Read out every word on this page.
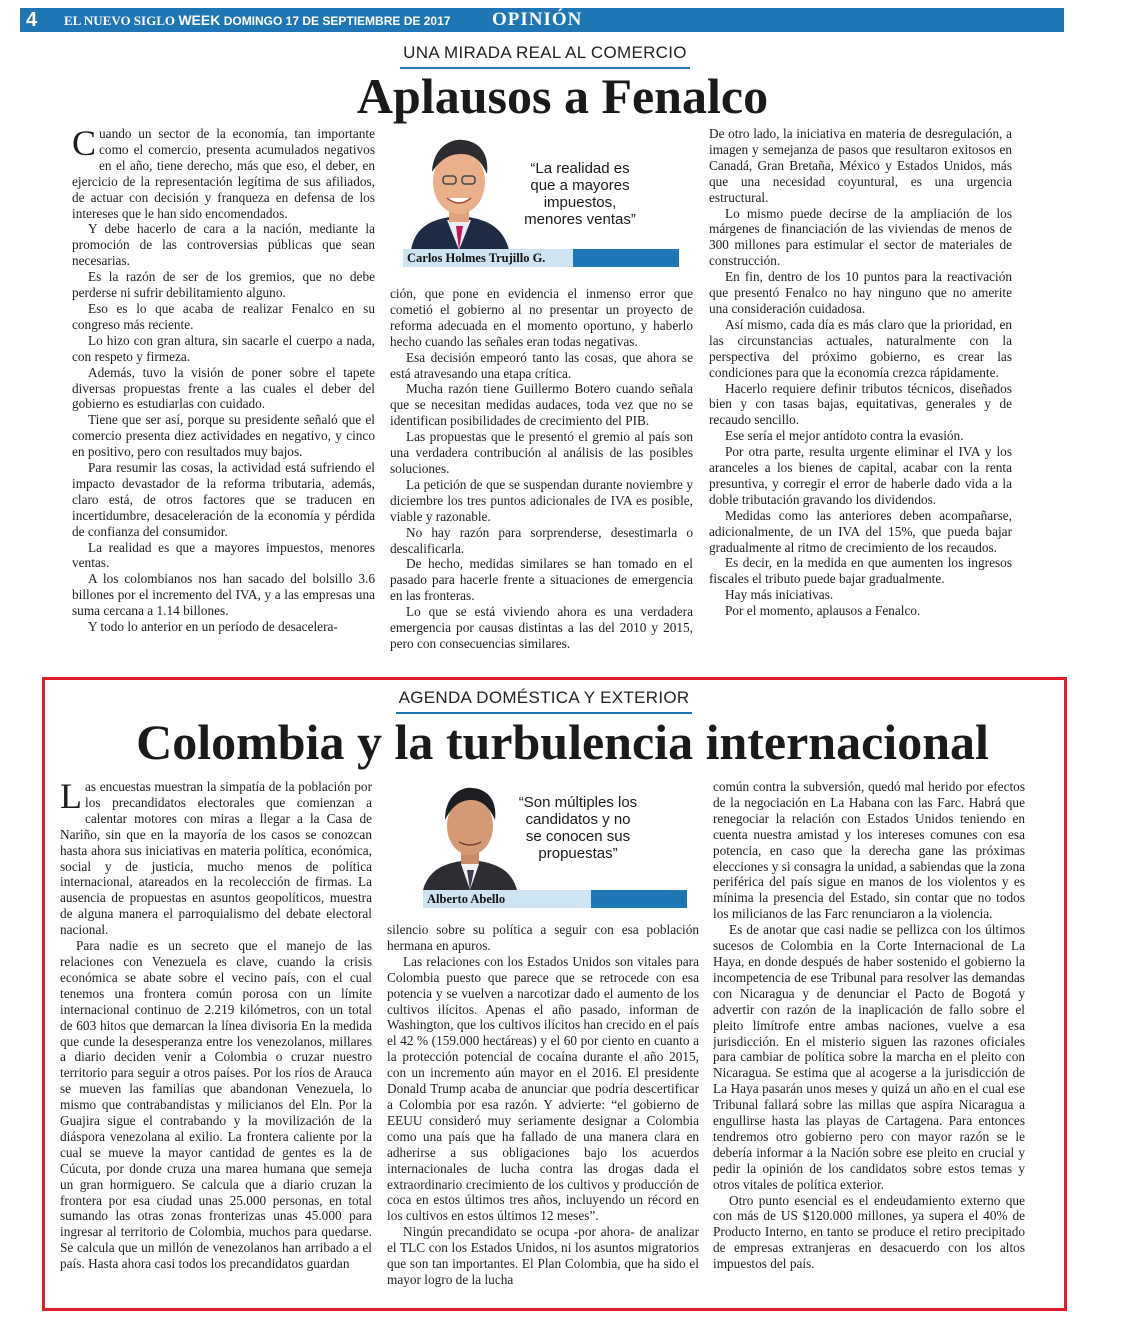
4	EL NUEVO SIGLO WEEK DOMINGO 17 DE SEPTIEMBRE DE 2017 OPINIÓN
UNA MIRADA REAL AL COMERCIO
Aplausos a Fenalco

Cuando un sector de la economía, tan importante como el comercio, presenta acumulados negativos en el año, tiene derecho, más que eso, el deber, en ejercicio de la representación legítima de sus afiliados, de actuar con decisión y franqueza en defensa de los intereses que le han sido encomendados.

Y debe hacerlo de cara a la nación, mediante la promoción de las controversias públicas que sean necesarias.

Es la razón de ser de los gremios, que no debe perderse ni sufrir debilitamiento alguno.

Eso es lo que acaba de realizar Fenalco en su congreso más reciente.

Lo hizo con gran altura, sin sacarle el cuerpo a nada, con respeto y firmeza.

Además, tuvo la visión de poner sobre el tapete diversas propuestas frente a las cuales el deber del gobierno es estudiarlas con cuidado.

Tiene que ser así, porque su presidente señaló que el comercio presenta diez actividades en negativo, y cinco en positivo, pero con resultados muy bajos.

Para resumir las cosas, la actividad está sufriendo el impacto devastador de la reforma tributaria, además, claro está, de otros factores que se traducen en incertidumbre, desaceleración de la economía y pérdida de confianza del consumidor.

La realidad es que a mayores impuestos, menores ventas.

A los colombianos nos han sacado del bolsillo 3.6 billones por el incremento del IVA, y a las empresas una suma cercana a 1.14 billones.

Y todo lo anterior en un período de desacelera-

ción, que pone en evidencia el inmenso error que cometió el gobierno al no presentar un proyecto de reforma adecuada en el momento oportuno, y haberlo hecho cuando las señales eran todas negativas.

Esa decisión empeoró tanto las cosas, que ahora se está atravesando una etapa crítica.

Mucha razón tiene Guillermo Botero cuando señala que se necesitan medidas audaces, toda vez que no se identifican posibilidades de crecimiento del PIB.

Las propuestas que le presentó el gremio al país son una verdadera contribución al análisis de las posibles soluciones.

La petición de que se suspendan durante noviembre y diciembre los tres puntos adicionales de IVA es posible, viable y razonable.

No hay razón para sorprenderse, desestimarla o descalificarla.

De hecho, medidas similares se han tomado en el pasado para hacerle frente a situaciones de emergencia en las fronteras.

Lo que se está viviendo ahora es una verdadera emergencia por causas distintas a las del 2010 y 2015, pero con consecuencias similares.

De otro lado, la iniciativa en materia de desregulación, a imagen y semejanza de pasos que resultaron exitosos en Canadá, Gran Bretaña, México y Estados Unidos, más que una necesidad coyuntural, es una urgencia estructural.

Lo mismo puede decirse de la ampliación de los márgenes de financiación de las viviendas de menos de 300 millones para estimular el sector de materiales de construcción.

En fin, dentro de los 10 puntos para la reactivación que presentó Fenalco no hay ninguno que no amerite una consideración cuidadosa.

Así mismo, cada día es más claro que la prioridad, en las circunstancias actuales, naturalmente con la perspectiva del próximo gobierno, es crear las condiciones para que la economía crezca rápidamente.

Hacerlo requiere definir tributos técnicos, diseñados bien y con tasas bajas, equitativas, generales y de recaudo sencillo.

Ese sería el mejor antídoto contra la evasión.

Por otra parte, resulta urgente eliminar el IVA y los aranceles a los bienes de capital, acabar con la renta presuntiva, y corregir el error de haberle dado vida a la doble tributación gravando los dividendos.

Medidas como las anteriores deben acompañarse, adicionalmente, de un IVA del 15%, que pueda bajar gradualmente al ritmo de crecimiento de los recaudos.

Es decir, en la medida en que aumenten los ingresos fiscales el tributo puede bajar gradualmente.

Hay más iniciativas.

Por el momento, aplausos a Fenalco.

“La realidad es que a mayores impuestos, menores ventas”
Carlos Holmes Trujillo G.
AGENDA DOMÉSTICA Y EXTERIOR
Colombia y la turbulencia internacional

Las encuestas muestran la simpatía de la población por los precandidatos electorales que comienzan a calentar motores con miras a llegar a la Casa de Nariño, sin que en la mayoría de los casos se conozcan hasta ahora sus iniciativas en materia política, económica, social y de justicia, mucho menos de política internacional, atareados en la recolección de firmas. La ausencia de propuestas en asuntos geopolíticos, muestra de alguna manera el parroquialismo del debate electoral nacional.

Para nadie es un secreto que el manejo de las relaciones con Venezuela es clave, cuando la crisis económica se abate sobre el vecino país, con el cual tenemos una frontera común porosa con un límite internacional continuo de 2.219 kilómetros, con un total de 603 hitos que demarcan la línea divisoria En la medida que cunde la desesperanza entre los venezolanos, millares a diario deciden venir a Colombia o cruzar nuestro territorio para seguir a otros países. Por los ríos de Arauca se mueven las familias que abandonan Venezuela, lo mismo que contrabandistas y milicianos del Eln. Por la Guajira sigue el contrabando y la movilización de la diáspora venezolana al exilio. La frontera caliente por la cual se mueve la mayor cantidad de gentes es la de Cúcuta, por donde cruza una marea humana que semeja un gran hormiguero. Se calcula que a diario cruzan la frontera por esa ciudad unas 25.000 personas, en total sumando las otras zonas fronterizas unas 45.000 para ingresar al territorio de Colombia, muchos para quedarse. Se calcula que un millón de venezolanos han arribado a el país. Hasta ahora casi todos los precandidatos guardan

silencio sobre su política a seguir con esa población hermana en apuros.

Las relaciones con los Estados Unidos son vitales para Colombia puesto que parece que se retrocede con esa potencia y se vuelven a narcotizar dado el aumento de los cultivos ilícitos. Apenas el año pasado, informan de Washington, que los cultivos ilícitos han crecido en el país el 42 % (159.000 hectáreas) y el 60 por ciento en cuanto a la protección potencial de cocaína durante el año 2015, con un incremento aún mayor en el 2016. El presidente Donald Trump acaba de anunciar que podría descertificar a Colombia por esa razón. Y advierte: “el gobierno de EEUU consideró muy seriamente designar a Colombia como una país que ha fallado de una manera clara en adherirse a sus obligaciones bajo los acuerdos internacionales de lucha contra las drogas dada el extraordinario crecimiento de los cultivos y producción de coca en estos últimos tres años, incluyendo un récord en los cultivos en estos últimos 12 meses”.

Ningún precandidato se ocupa -por ahora- de analizar el TLC con los Estados Unidos, ni los asuntos migratorios que son tan importantes. El Plan Colombia, que ha sido el mayor logro de la lucha

común contra la subversión, quedó mal herido por efectos de la negociación en La Habana con las Farc. Habrá que renegociar la relación con Estados Unidos teniendo en cuenta nuestra amistad y los intereses comunes con esa potencia, en caso que la derecha gane las próximas elecciones y si consagra la unidad, a sabiendas que la zona periférica del país sigue en manos de los violentos y es mínima la presencia del Estado, sin contar que no todos los milicianos de las Farc renunciaron a la violencia.

Es de anotar que casi nadie se pellizca con los últimos sucesos de Colombia en la Corte Internacional de La Haya, en donde después de haber sostenido el gobierno la incompetencia de ese Tribunal para resolver las demandas con Nicaragua y de denunciar el Pacto de Bogotá y advertir con razón de la inaplicación de fallo sobre el pleito limítrofe entre ambas naciones, vuelve a esa jurisdicción. En el misterio siguen las razones oficiales para cambiar de política sobre la marcha en el pleito con Nicaragua. Se estima que al acogerse a la jurisdicción de La Haya pasarán unos meses y quizá un año en el cual ese Tribunal fallará sobre las millas que aspira Nicaragua a engullirse hasta las playas de Cartagena. Para entonces tendremos otro gobierno pero con mayor razón se le debería informar a la Nación sobre ese pleito en crucial y pedir la opinión de los candidatos sobre estos temas y otros vitales de política exterior.

Otro punto esencial es el endeudamiento externo que con más de US $120.000 millones, ya supera el 40% de Producto Interno, en tanto se produce el retiro precipitado de empresas extranjeras en desacuerdo con los altos impuestos del país.

“Son múltiples los candidatos y no se conocen sus propuestas”
Alberto Abello
